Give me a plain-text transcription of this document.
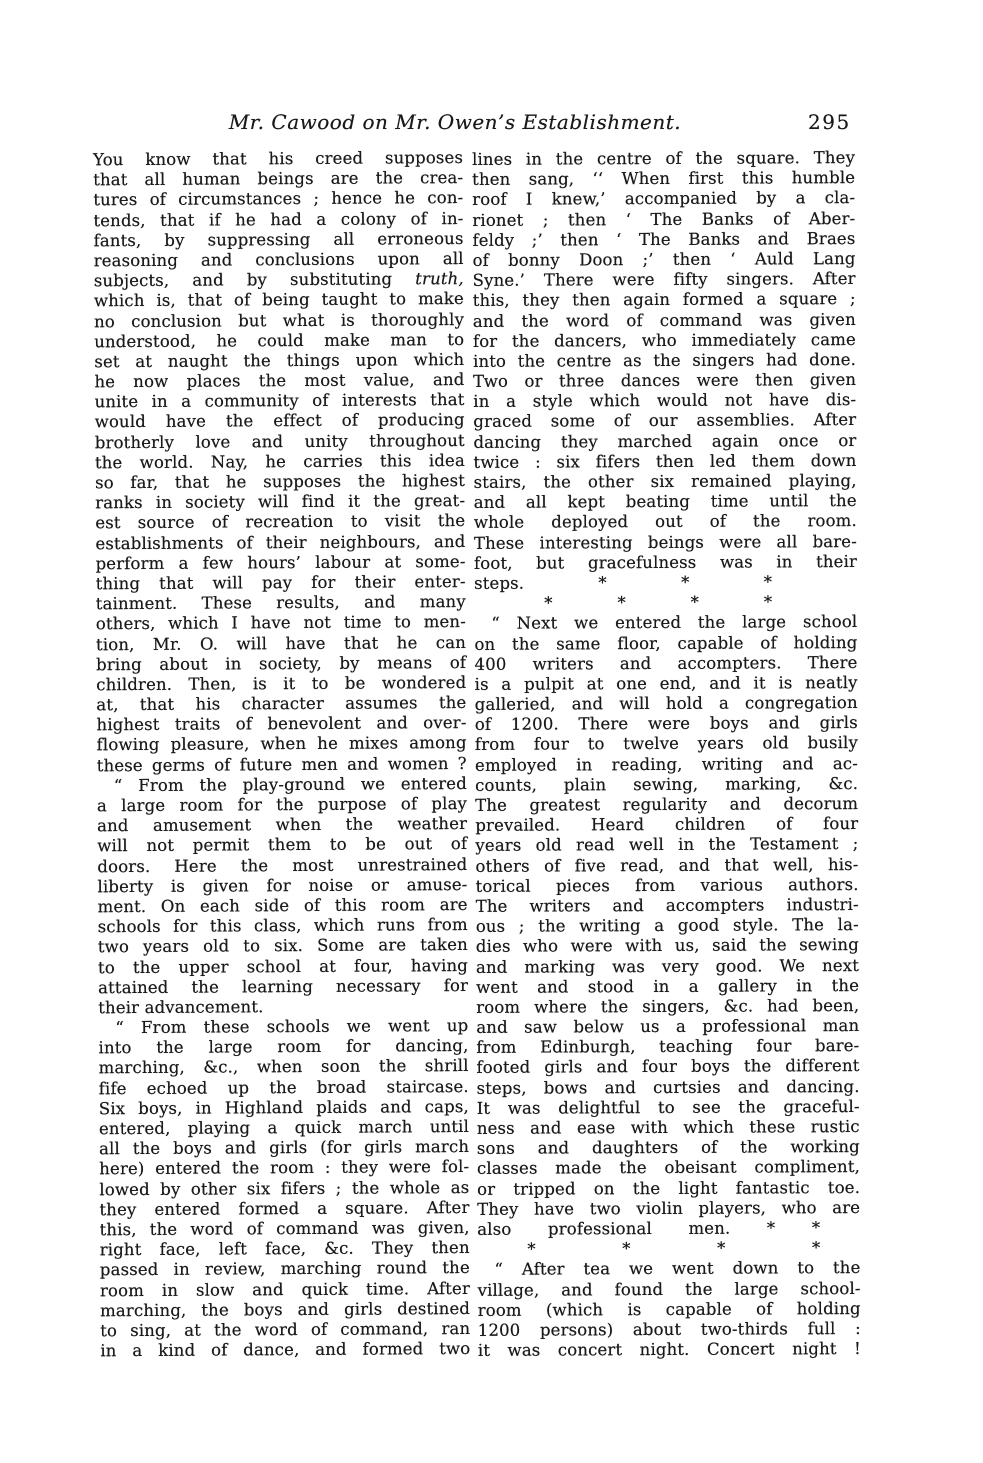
Mr. Cawood on Mr. Owen’s Establishment.	295
You know that his creed supposes
that all human beings are the crea-
tures of circumstances ; hence he con-
tends, that if he had a colony of in-
fants, by suppressing all erroneous
reasoning and conclusions upon all
subjects, and by substituting truth,
which is, that of being taught to make
no conclusion but what is thoroughly
understood, he could make man to
set at naught the things upon which
he now places the most value, and
unite in a community of interests that
would have the effect of producing
brotherly love and unity throughout
the world. Nay, he carries this idea
so far, that he supposes the highest
ranks in society will find it the great-
est source of recreation to visit the
establishments of their neighbours, and
perform a few hours’ labour at some-
thing that will pay for their enter-
tainment. These results, and many
others, which I have not time to men-
tion, Mr. O. will have that he can
bring about in society, by means of
children. Then, is it to be wondered
at, that his character assumes the
highest traits of benevolent and over-
flowing pleasure, when he mixes among
these germs of future men and women ?
“ From the play-ground we entered
a large room for the purpose of play
and amusement when the weather
will not permit them to be out of
doors. Here the most unrestrained
liberty is given for noise or amuse-
ment. On each side of this room are
schools for this class, which runs from
two years old to six. Some are taken
to the upper school at four, having
attained the learning necessary for
their advancement.
“ From these schools we went up
into the large room for dancing,
marching, &c., when soon the shrill
fife echoed up the broad staircase.
Six boys, in Highland plaids and caps,
entered, playing a quick march until
all the boys and girls (for girls march
here) entered the room : they were fol-
lowed by other six fifers ; the whole as
they entered formed a square. After
this, the word of command was given,
right face, left face, &c. They then
passed in review, marching round the
room in slow and quick time. After
marching, the boys and girls destined
to sing, at the word of command, ran
in a kind of dance, and formed two
lines in the centre of the square. They
then sang, ‘‘ When first this humble
roof I knew,’ accompanied by a cla-
rionet ; then ‘ The Banks of Aber-
feldy ;’ then ‘ The Banks and Braes
of bonny Doon ;’ then ‘ Auld Lang
Syne.’ There were fifty singers. After
this, they then again formed a square ;
and the word of command was given
for the dancers, who immediately came
into the centre as the singers had done.
Two or three dances were then given
in a style which would not have dis-
graced some of our assemblies. After
dancing they marched again once or
twice : six fifers then led them down
stairs, the other six remained playing,
and all kept beating time until the
whole deployed out of the room.
These interesting beings were all bare-
foot, but gracefulness was in their
steps. * * *
* * * *
“ Next we entered the large school
on the same floor, capable of holding
400 writers and accompters. There
is a pulpit at one end, and it is neatly
galleried, and will hold a congregation
of 1200. There were boys and girls
from four to twelve years old busily
employed in reading, writing and ac-
counts, plain sewing, marking, &c.
The greatest regularity and decorum
prevailed. Heard children of four
years old read well in the Testament ;
others of five read, and that well, his-
torical pieces from various authors.
The writers and accompters industri-
ous ; the writing a good style. The la-
dies who were with us, said the sewing
and marking was very good. We next
went and stood in a gallery in the
room where the singers, &c. had been,
and saw below us a professional man
from Edinburgh, teaching four bare-
footed girls and four boys the different
steps, bows and curtsies and dancing.
It was delightful to see the graceful-
ness and ease with which these rustic
sons and daughters of the working
classes made the obeisant compliment,
or tripped on the light fantastic toe.
They have two violin players, who are
also professional men. * *
* * * *
“ After tea we went down to the
village, and found the large school-
room (which is capable of holding
1200 persons) about two-thirds full :
it was concert night. Concert night !
